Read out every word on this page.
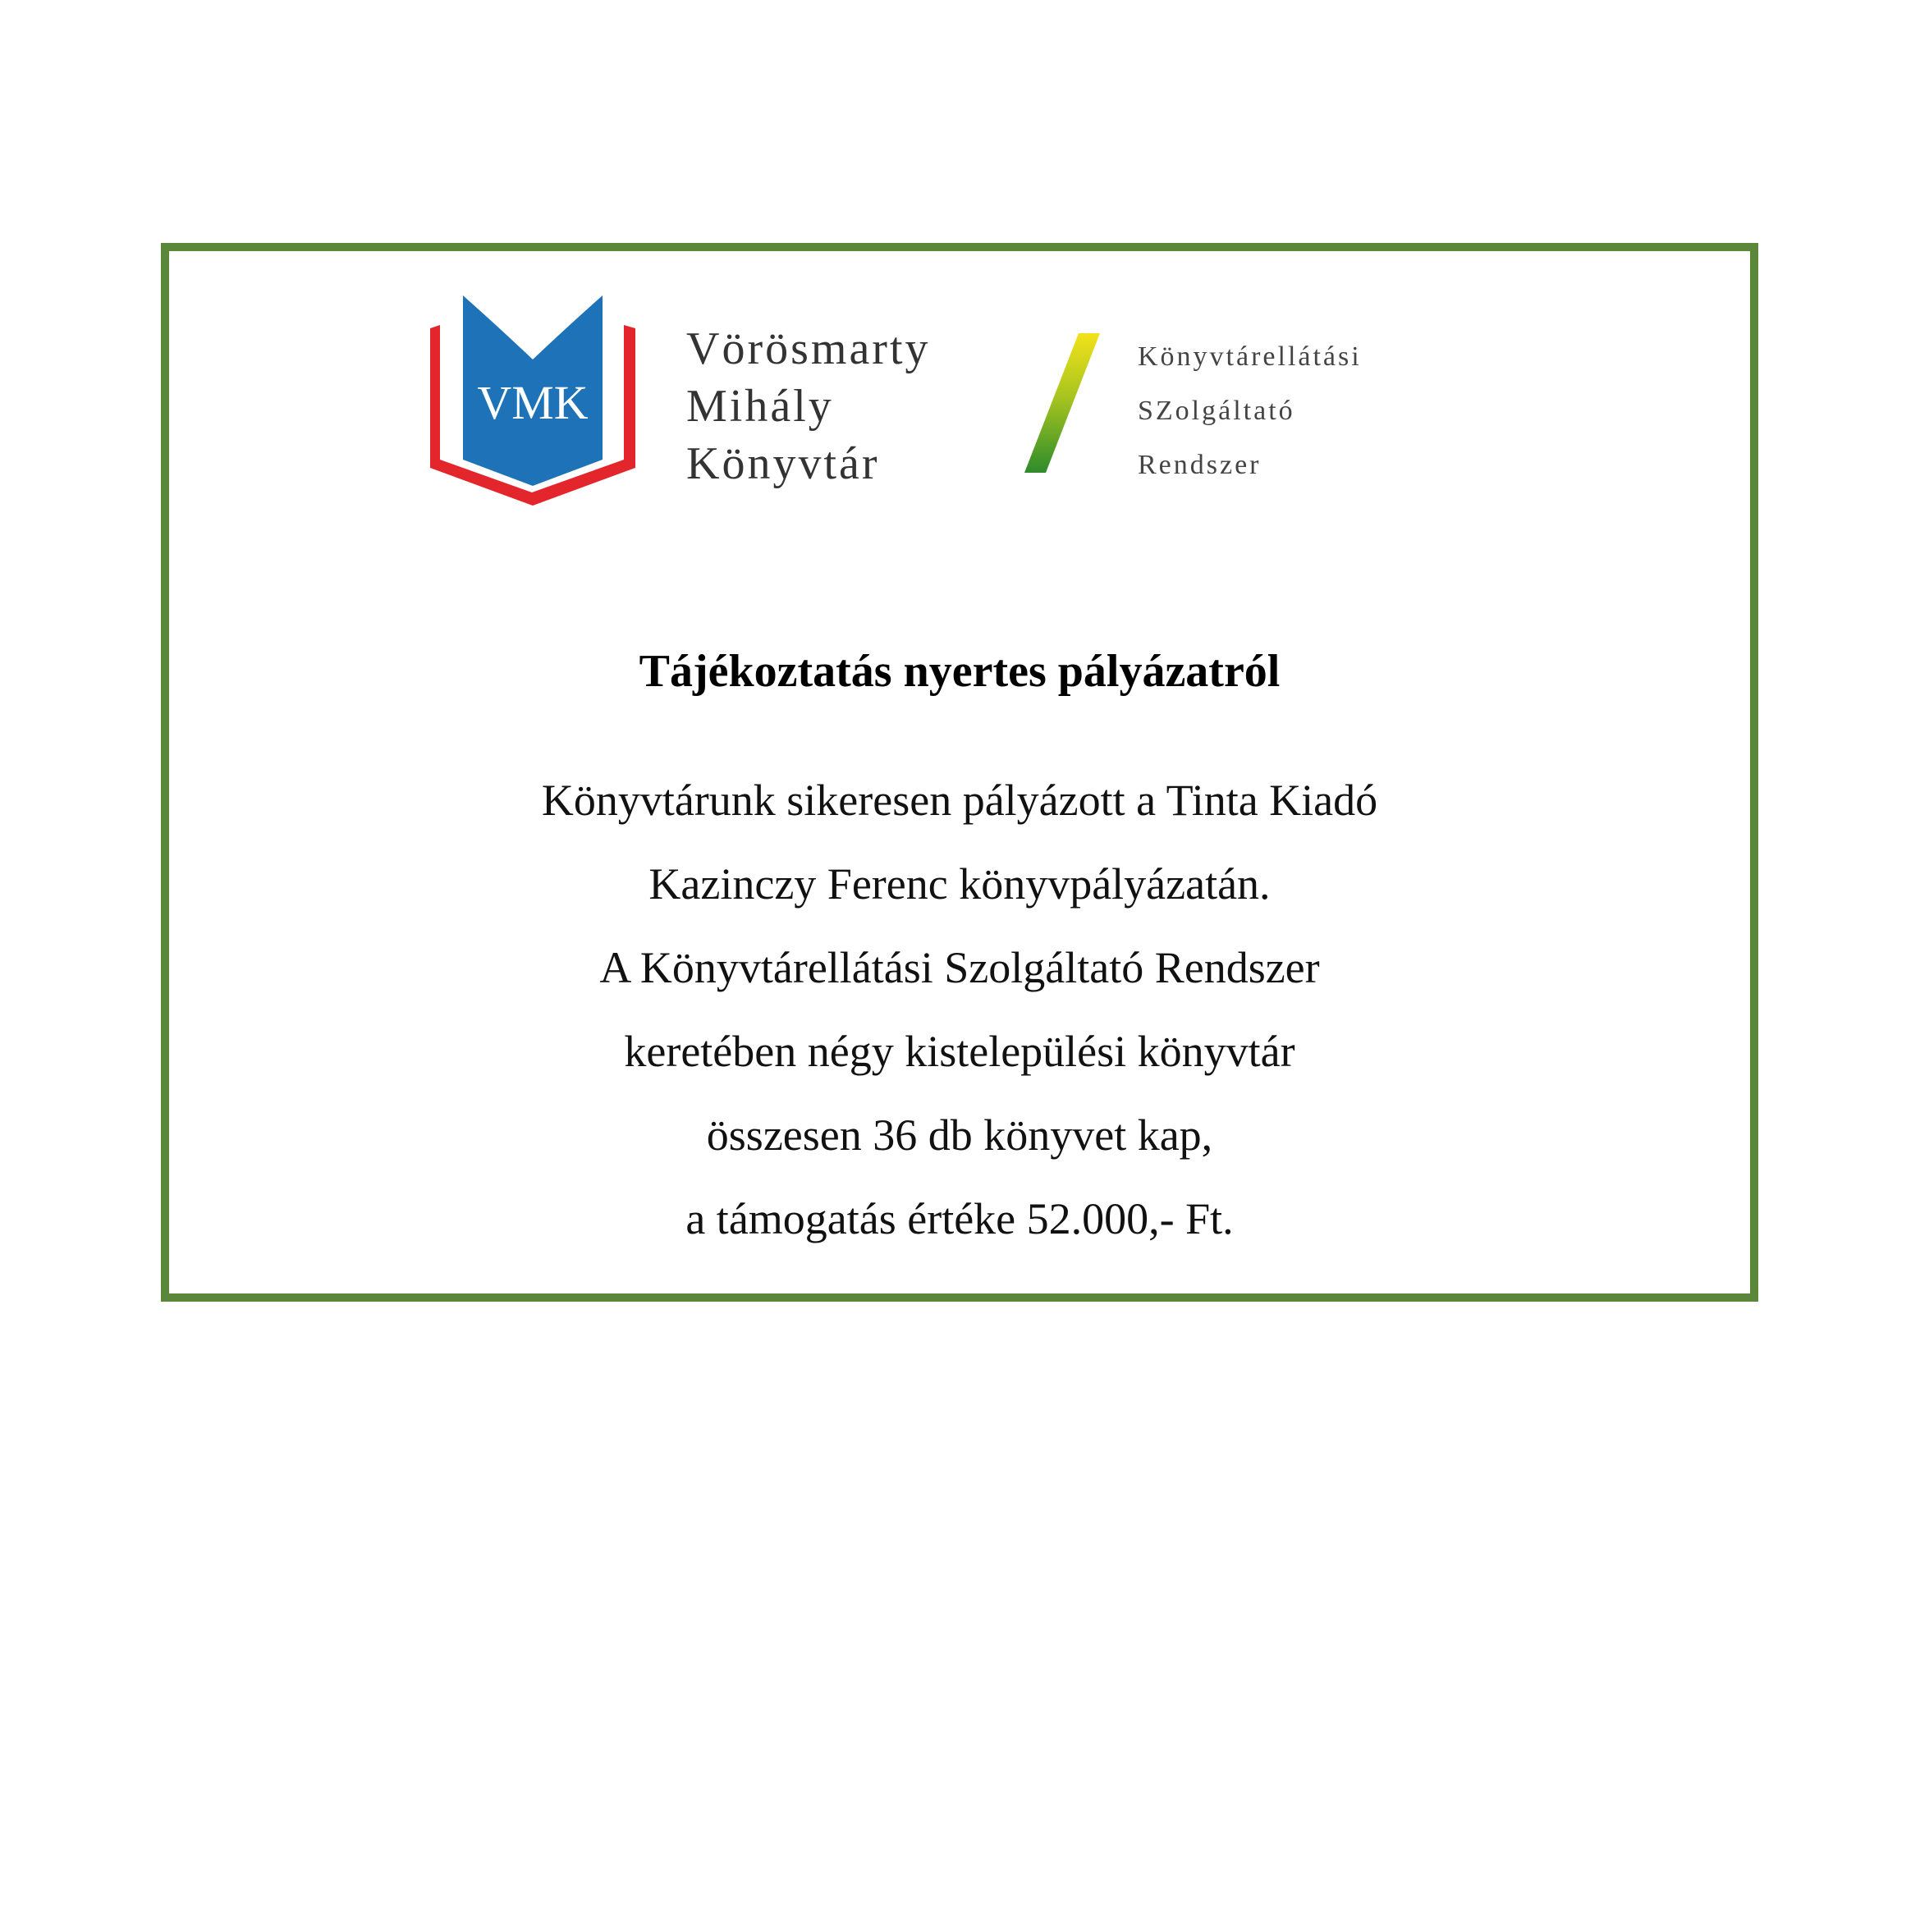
VMK
Vörösmarty
Mihály
Könyvtár
Könyvtárellátási
SZolgáltató
Rendszer
Tájékoztatás nyertes pályázatról
Könyvtárunk sikeresen pályázott a Tinta Kiadó
Kazinczy Ferenc könyvpályázatán.
A Könyvtárellátási Szolgáltató Rendszer
keretében négy kistelepülési könyvtár
összesen 36 db könyvet kap,
a támogatás értéke 52.000,- Ft.
